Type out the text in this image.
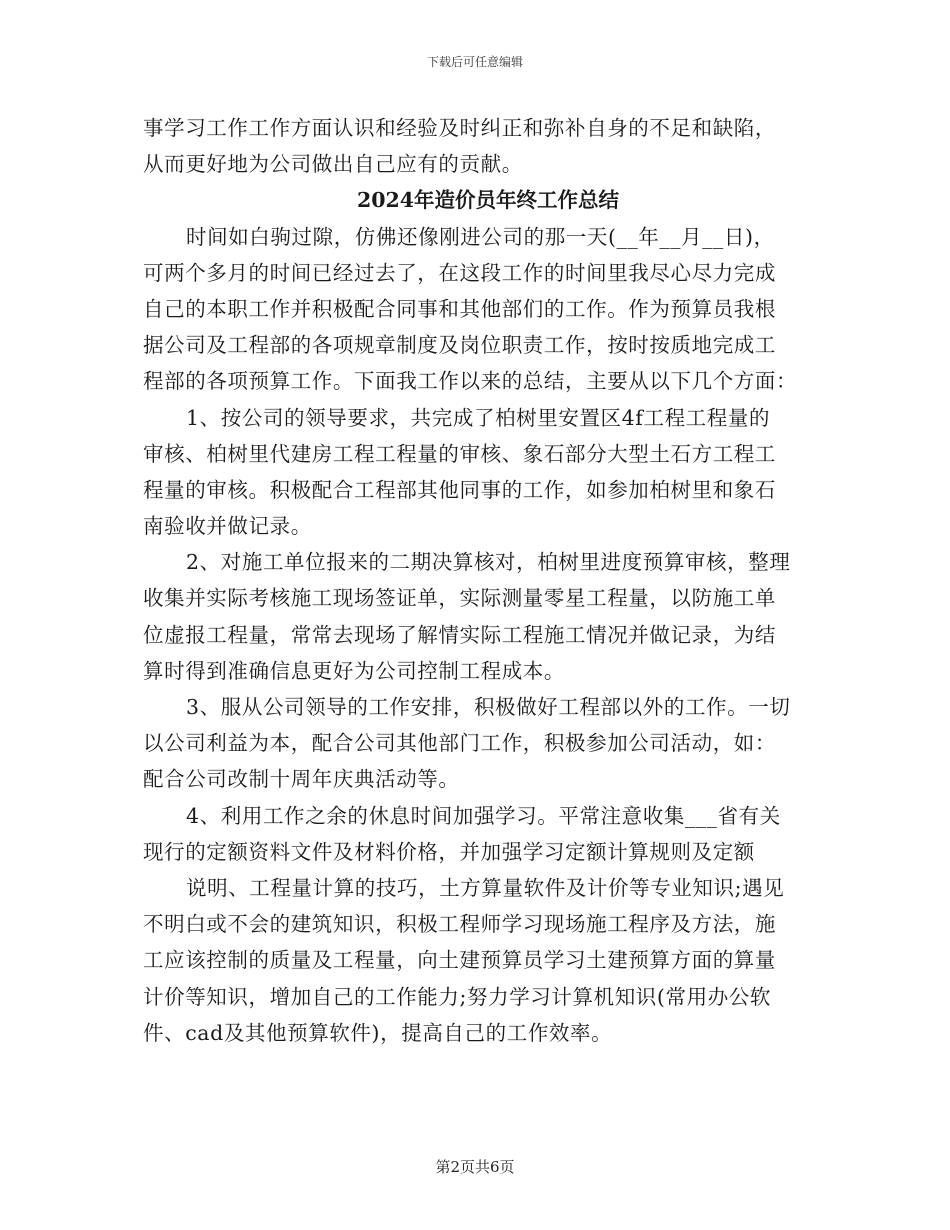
下载后可任意编辑
事学习工作工作方面认识和经验及时纠正和弥补自身的不足和缺陷，
从而更好地为公司做出自己应有的贡献。
2024年造价员年终工作总结
时间如白驹过隙，仿佛还像刚进公司的那一天(__年__月__日)，
可两个多月的时间已经过去了，在这段工作的时间里我尽心尽力完成
自己的本职工作并积极配合同事和其他部们的工作。作为预算员我根
据公司及工程部的各项规章制度及岗位职责工作，按时按质地完成工
程部的各项预算工作。下面我工作以来的总结，主要从以下几个方面：
1、按公司的领导要求，共完成了柏树里安置区4f工程工程量的
审核、柏树里代建房工程工程量的审核、象石部分大型土石方工程工
程量的审核。积极配合工程部其他同事的工作，如参加柏树里和象石
南验收并做记录。
2、对施工单位报来的二期决算核对，柏树里进度预算审核，整理
收集并实际考核施工现场签证单，实际测量零星工程量，以防施工单
位虚报工程量，常常去现场了解情实际工程施工情况并做记录，为结
算时得到准确信息更好为公司控制工程成本。
3、服从公司领导的工作安排，积极做好工程部以外的工作。一切
以公司利益为本，配合公司其他部门工作，积极参加公司活动，如：
配合公司改制十周年庆典活动等。
4、利用工作之余的休息时间加强学习。平常注意收集___省有关
现行的定额资料文件及材料价格，并加强学习定额计算规则及定额
说明、工程量计算的技巧，土方算量软件及计价等专业知识;遇见
不明白或不会的建筑知识，积极工程师学习现场施工程序及方法，施
工应该控制的质量及工程量，向土建预算员学习土建预算方面的算量
计价等知识，增加自己的工作能力;努力学习计算机知识(常用办公软
件、cad及其他预算软件)，提高自己的工作效率。
第2页共6页
